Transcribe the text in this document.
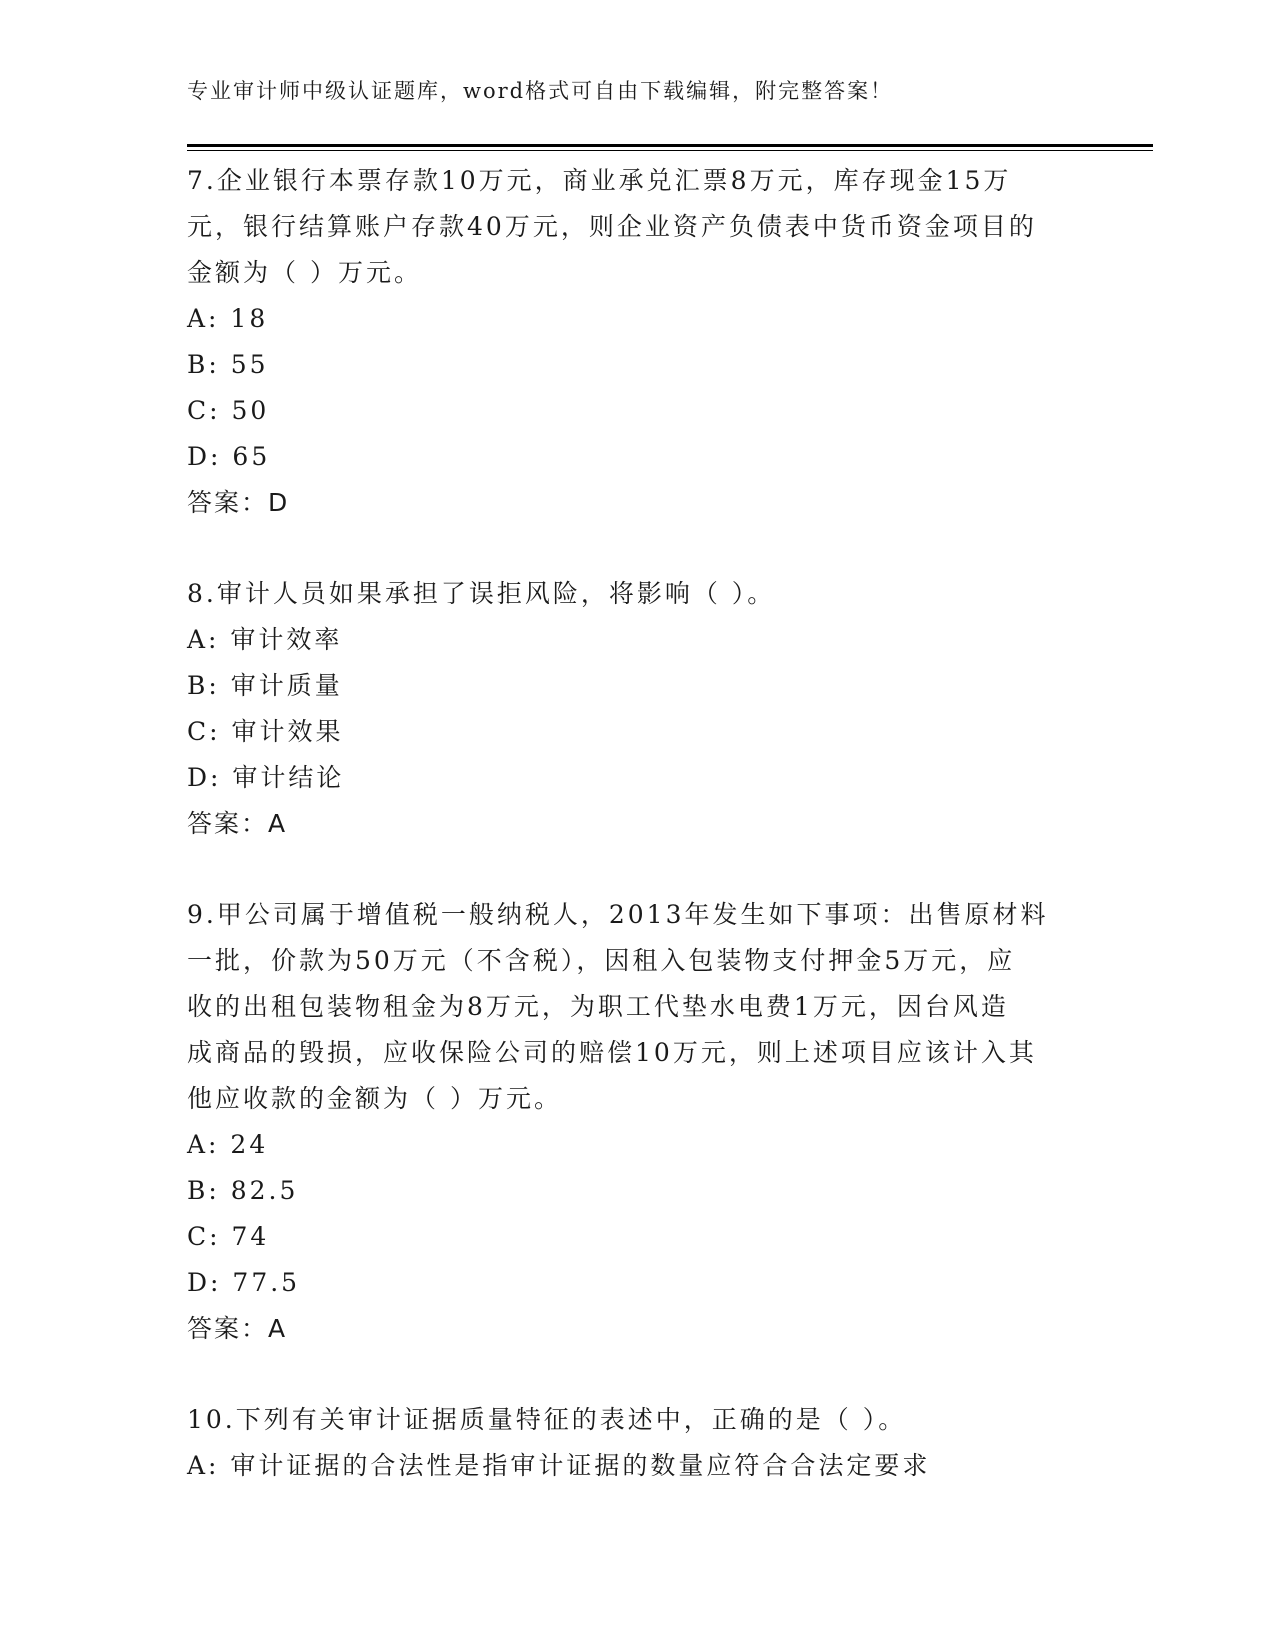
专业审计师中级认证题库，word格式可自由下载编辑，附完整答案！
7.企业银行本票存款10万元，商业承兑汇票8万元，库存现金15万
元，银行结算账户存款40万元，则企业资产负债表中货币资金项目的
金额为（ ）万元。
A: 18
B: 55
C: 50
D: 65
答案：D
8.审计人员如果承担了误拒风险，将影响（ ）。
A: 审计效率
B: 审计质量
C: 审计效果
D: 审计结论
答案：A
9.甲公司属于增值税一般纳税人，2013年发生如下事项：出售原材料
一批，价款为50万元（不含税），因租入包装物支付押金5万元，应
收的出租包装物租金为8万元，为职工代垫水电费1万元，因台风造
成商品的毁损，应收保险公司的赔偿10万元，则上述项目应该计入其
他应收款的金额为（ ）万元。
A: 24
B: 82.5
C: 74
D: 77.5
答案：A
10.下列有关审计证据质量特征的表述中，正确的是（ ）。
A: 审计证据的合法性是指审计证据的数量应符合合法定要求
